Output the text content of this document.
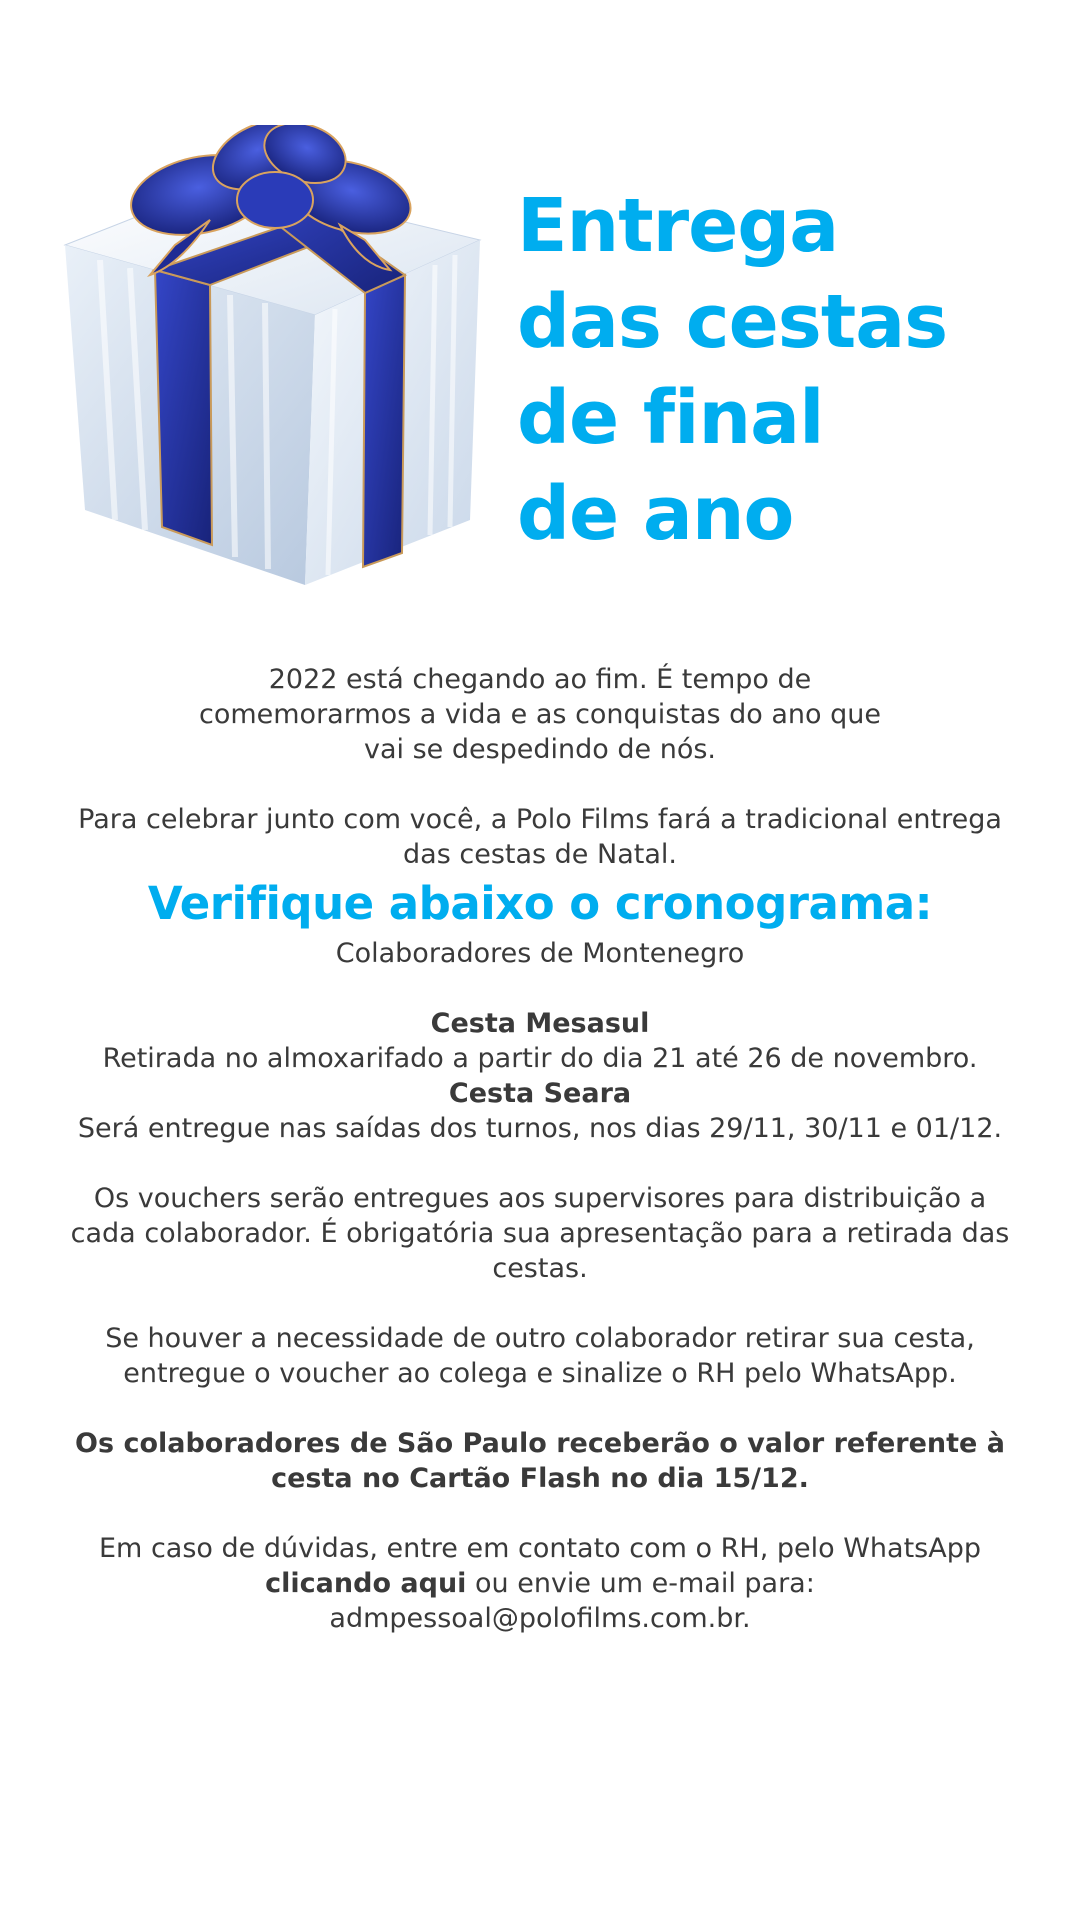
Entrega
das cestas
de final
de ano

2022 está chegando ao fim. É tempo de
comemorarmos a vida e as conquistas do ano que
vai se despedindo de nós.

Para celebrar junto com você, a Polo Films fará a tradicional entrega
das cestas de Natal.

Verifique abaixo o cronograma:

Colaboradores de Montenegro

Cesta Mesasul

Retirada no almoxarifado a partir do dia 21 até 26 de novembro.

Cesta Seara

Será entregue nas saídas dos turnos, nos dias 29/11, 30/11 e 01/12.

Os vouchers serão entregues aos supervisores para distribuição a
cada colaborador. É obrigatória sua apresentação para a retirada das
cestas.

Se houver a necessidade de outro colaborador retirar sua cesta,
entregue o voucher ao colega e sinalize o RH pelo WhatsApp.

Os colaboradores de São Paulo receberão o valor referente à
cesta no Cartão Flash no dia 15/12.

Em caso de dúvidas, entre em contato com o RH, pelo WhatsApp
clicando aqui ou envie um e-mail para:
admpessoal@polofilms.com.br.
